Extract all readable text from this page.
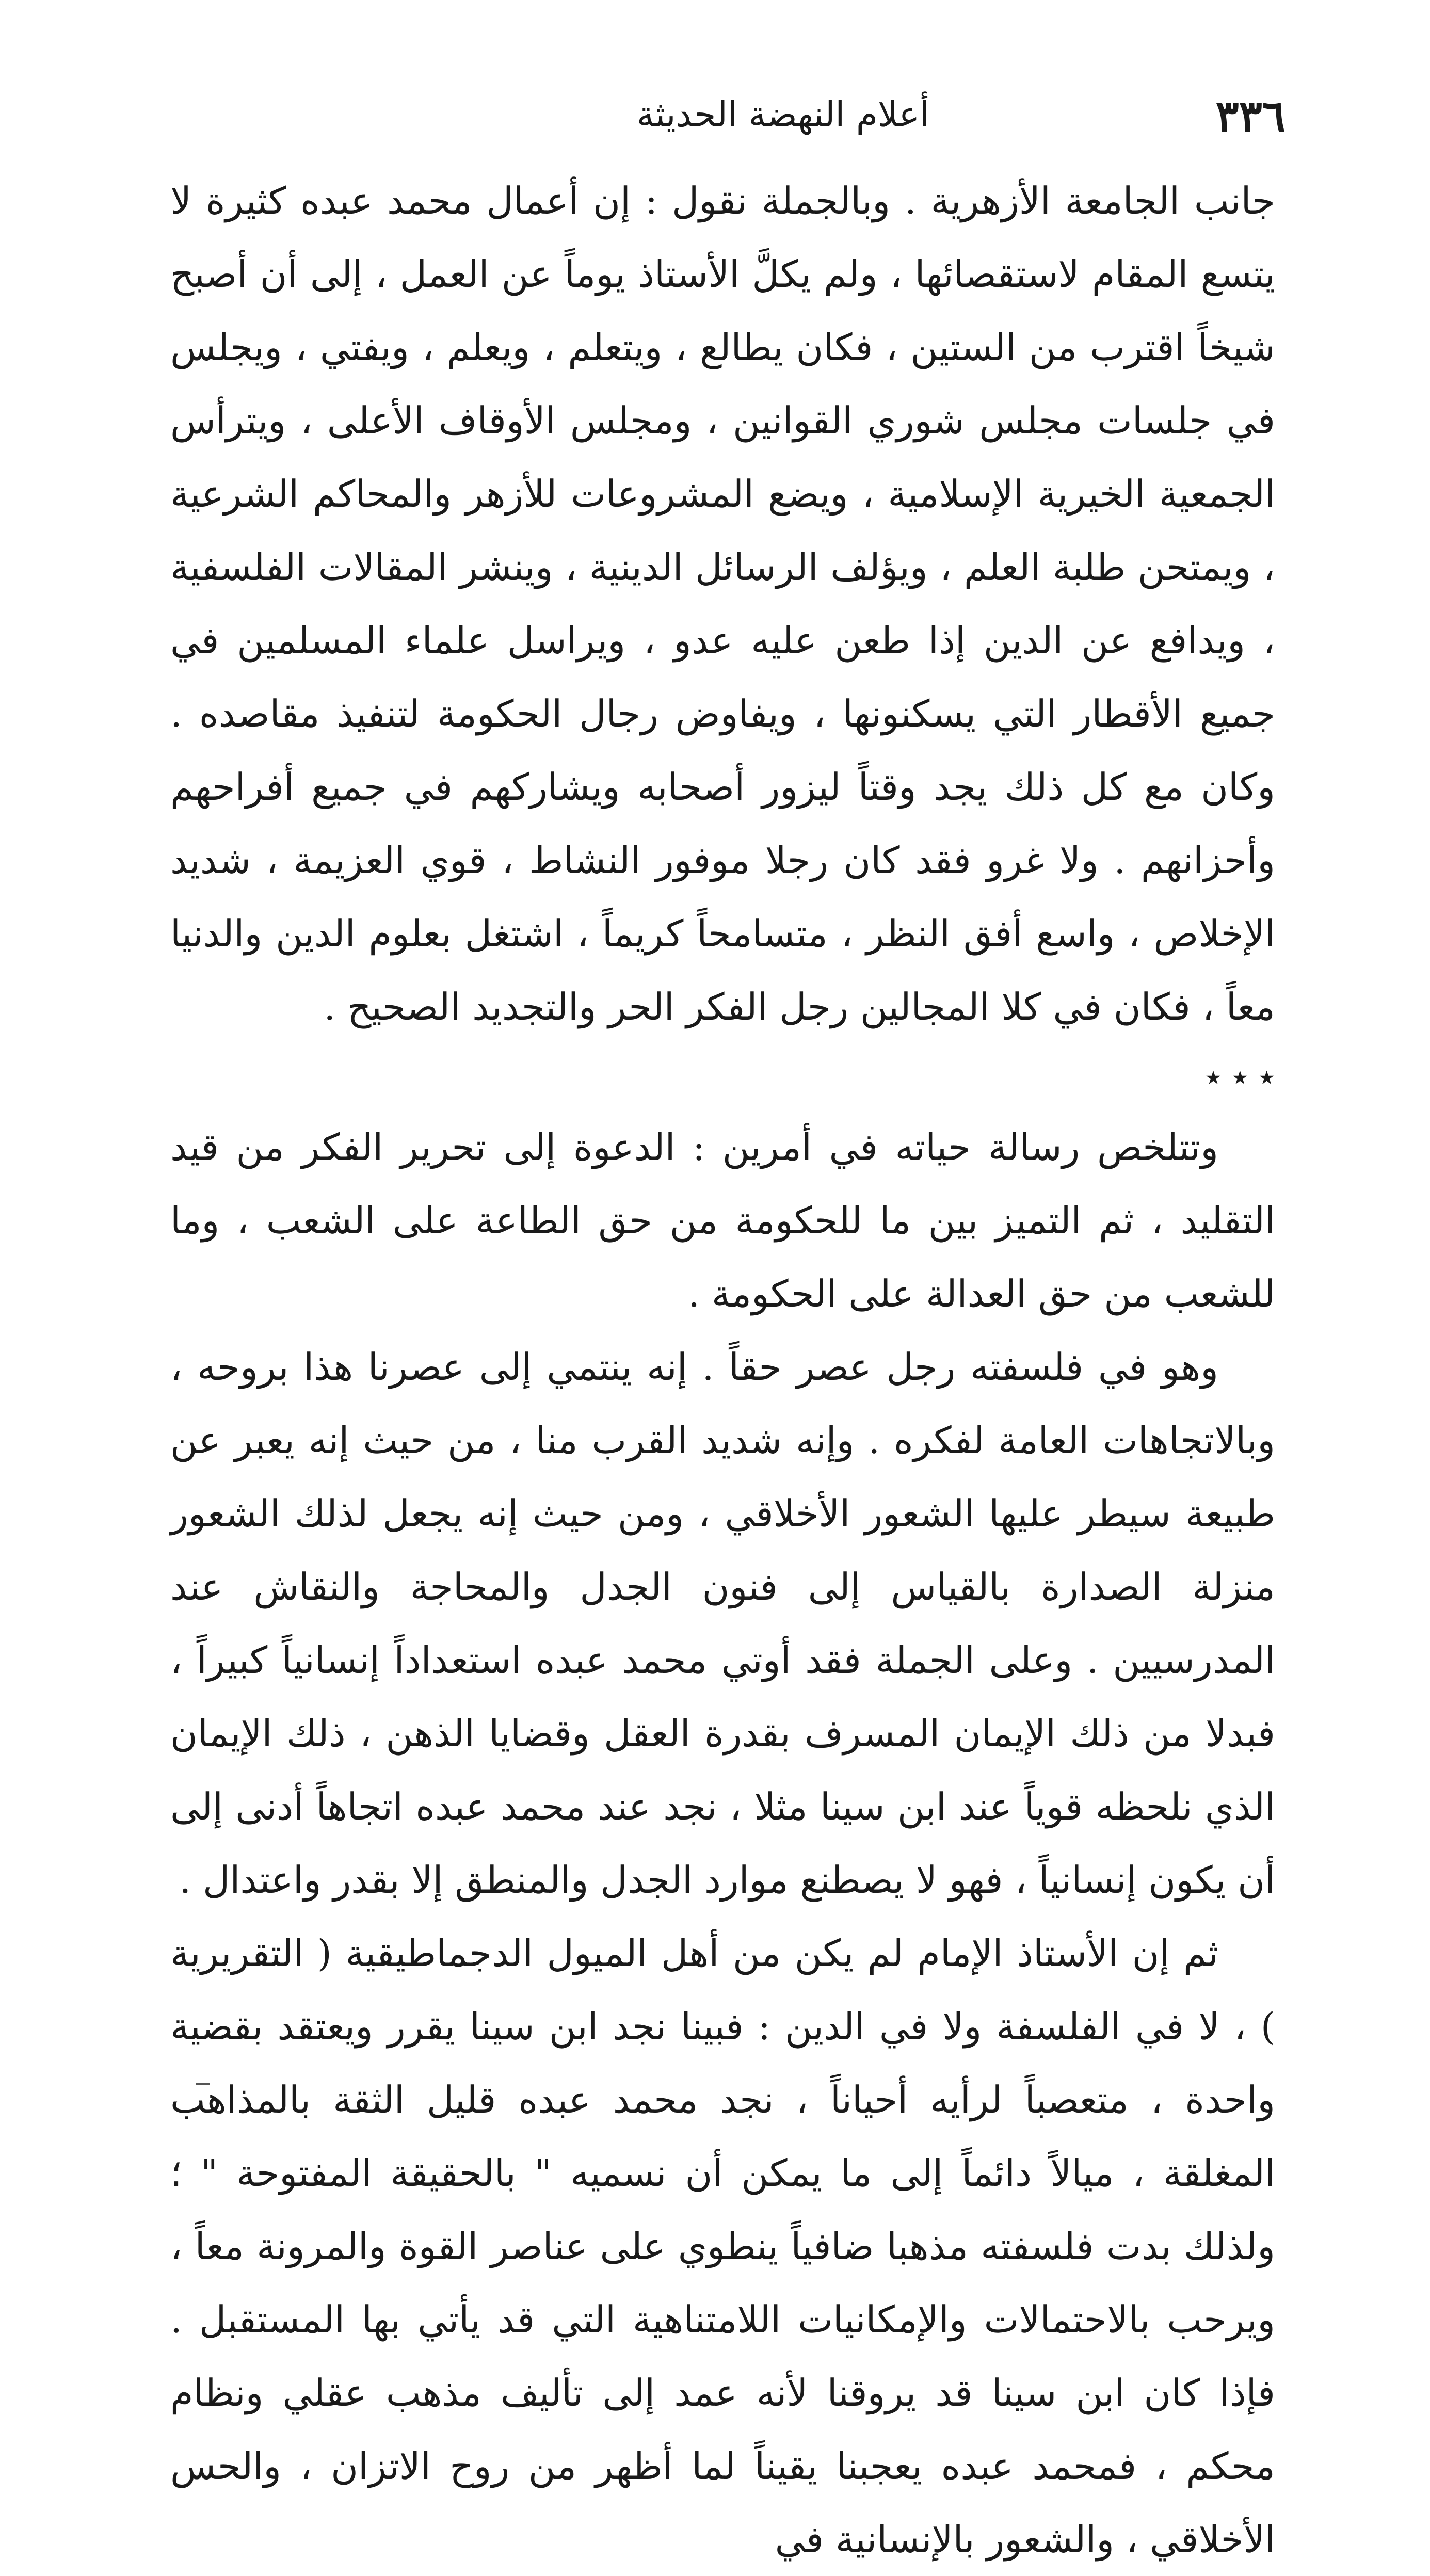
٣٣٦
أعلام النهضة الحديثة

جانب الجامعة الأزهرية . وبالجملة نقول : إن أعمال محمد عبده كثيرة لا يتسع المقام لاستقصائها ، ولم يكلَّ الأستاذ يوماً عن العمل ، إلى أن أصبح شيخاً اقترب من الستين ، فكان يطالع ، ويتعلم ، ويعلم ، ويفتي ، ويجلس في جلسات مجلس شوري القوانين ، ومجلس الأوقاف الأعلى ، ويترأس الجمعية الخيرية الإسلامية ، ويضع المشروعات للأزهر والمحاكم الشرعية ، ويمتحن طلبة العلم ، ويؤلف الرسائل الدينية ، وينشر المقالات الفلسفية ، ويدافع عن الدين إذا طعن عليه عدو ، ويراسل علماء المسلمين في جميع الأقطار التي يسكنونها ، ويفاوض رجال الحكومة لتنفيذ مقاصده . وكان مع كل ذلك يجد وقتاً ليزور أصحابه ويشاركهم في جميع أفراحهم وأحزانهم . ولا غرو فقد كان رجلا موفور النشاط ، قوي العزيمة ، شديد الإخلاص ، واسع أفق النظر ، متسامحاً كريماً ، اشتغل بعلوم الدين والدنيا معاً ، فكان في كلا المجالين رجل الفكر الحر والتجديد الصحيح .

٭ ٭ ٭

وتتلخص رسالة حياته في أمرين : الدعوة إلى تحرير الفكر من قيد التقليد ، ثم التميز بين ما للحكومة من حق الطاعة على الشعب ، وما للشعب من حق العدالة على الحكومة .

وهو في فلسفته رجل عصر حقاً . إنه ينتمي إلى عصرنا هذا بروحه ، وبالاتجاهات العامة لفكره . وإنه شديد القرب منا ، من حيث إنه يعبر عن طبيعة سيطر عليها الشعور الأخلاقي ، ومن حيث إنه يجعل لذلك الشعور منزلة الصدارة بالقياس إلى فنون الجدل والمحاجة والنقاش عند المدرسيين . وعلى الجملة فقد أوتي محمد عبده استعداداً إنسانياً كبيراً ، فبدلا من ذلك الإيمان المسرف بقدرة العقل وقضايا الذهن ، ذلك الإيمان الذي نلحظه قوياً عند ابن سينا مثلا ، نجد عند محمد عبده اتجاهاً أدنى إلى أن يكون إنسانياً ، فهو لا يصطنع موارد الجدل والمنطق إلا بقدر واعتدال .

ثم إن الأستاذ الإمام لم يكن من أهل الميول الدجماطيقية ( التقريرية ) ، لا في الفلسفة ولا في الدين : فبينا نجد ابن سينا يقرر ويعتقد بقضية واحدة ، متعصباً لرأيه أحياناً ، نجد محمد عبده قليل الثقة بالمذاهب المغلقة ، ميالاً دائماً إلى ما يمكن أن نسميه " بالحقيقة المفتوحة " ؛ ولذلك بدت فلسفته مذهبا ضافياً ينطوي على عناصر القوة والمرونة معاً ، ويرحب بالاحتمالات والإمكانيات اللامتناهية التي قد يأتي بها المستقبل . فإذا كان ابن سينا قد يروقنا لأنه عمد إلى تأليف مذهب عقلي ونظام محكم ، فمحمد عبده يعجبنا يقيناً لما أظهر من روح الاتزان ، والحس الأخلاقي ، والشعور بالإنسانية في
